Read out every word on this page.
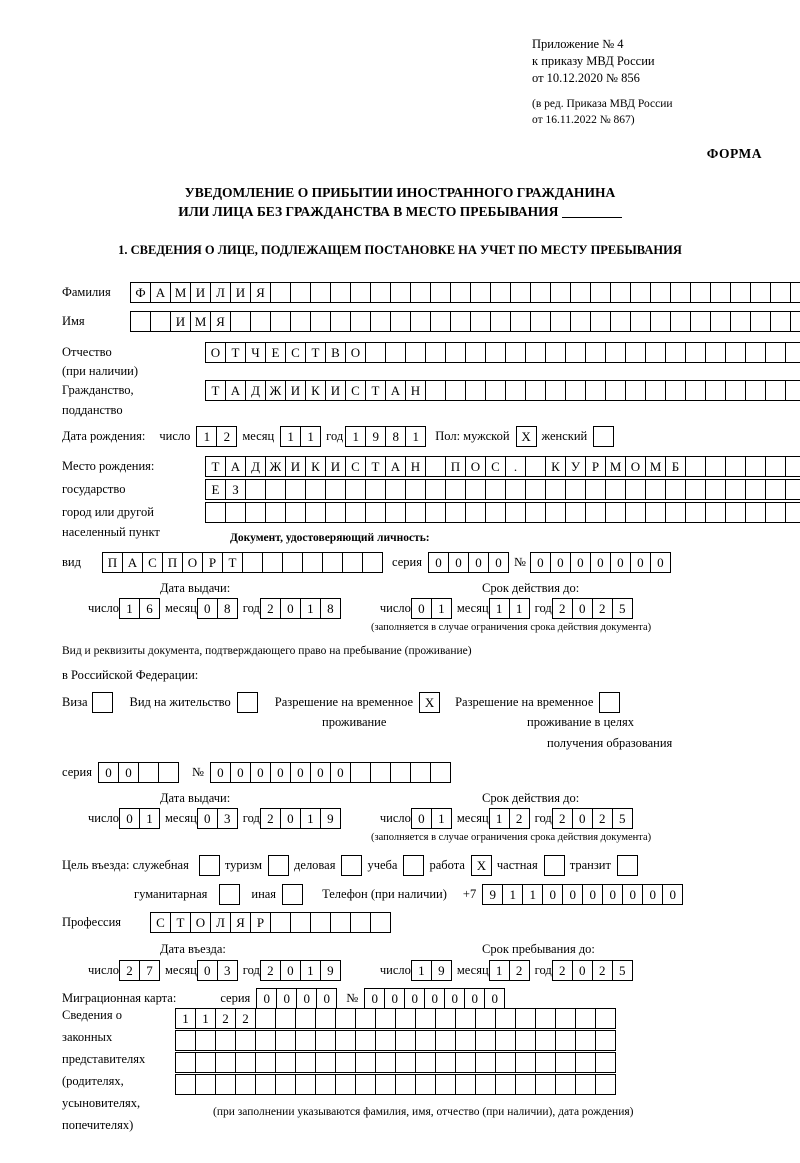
Приложение № 4
к приказу МВД России
от 10.12.2020 № 856
(в ред. Приказа МВД России
от 16.11.2022 № 867)
ФОРМА
УВЕДОМЛЕНИЕ О ПРИБЫТИИ ИНОСТРАННОГО ГРАЖДАНИНА
ИЛИ ЛИЦА БЕЗ ГРАЖДАНСТВА В МЕСТО ПРЕБЫВАНИЯ
1. СВЕДЕНИЯ О ЛИЦЕ, ПОДЛЕЖАЩЕМ ПОСТАНОВКЕ НА УЧЕТ ПО МЕСТУ ПРЕБЫВАНИЯ
Фамилия	Ф А М И Л И Я
Имя	И М Я
Отчество	О Т Ч Е С Т В О
(при наличии)
Гражданство,	Т А Д Ж И К И С Т А Н
подданство
Дата рождения: число	1	2 месяц	1	1 год 1	9	8	1	Пол: мужской X женский
Место рождения:	Т А Д Ж И К И С Т А Н	П О С	.	К У Р М О М Б
государство	Е З
город или другой
населенный пункт	Документ, удостоверяющий личность:
вид	П А С П О Р Т	серия	0	0	0	0 № 0	0	0	0	0	0	0
Дата выдачи:	Срок действия до:
число 1	6 месяц 0	8 год 2	0	1	8	число 0	1 месяц 1	1 год 2	0	2	5
(заполняется в случае ограничения срока действия документа)
Вид и реквизиты документа, подтверждающего право на пребывание (проживание)
в Российской Федерации:
Виза	Вид на жительство	Разрешение на временное X	Разрешение на временное
проживание	проживание в целях
получения образования
серия	0	0	№	0	0	0	0	0	0	0
Дата выдачи:	Срок действия до:
число 0	1 месяц 0	3 год 2	0	1	9	число 0	1 месяц 1	2 год 2	0	2	5
(заполняется в случае ограничения срока действия документа)
Цель въезда: служебная	туризм	деловая	учеба	работа X частная	транзит
гуманитарная	иная	Телефон (при наличии) +7	9	1	1	0	0	0	0	0	0	0
Профессия	С Т О Л Я Р
Дата въезда:	Срок пребывания до:
число 2	7 месяц 0	3 год 2	0	1	9	число 1	9 месяц 1	2 год 2	0	2	5
Миграционная карта:	серия	0	0	0	0	№	0	0	0	0	0	0	0
Сведения о
законных
представителях
(родителях,
усыновителях,
попечителях)
1	1	2	2
(при заполнении указываются фамилия, имя, отчество (при наличии), дата рождения)
